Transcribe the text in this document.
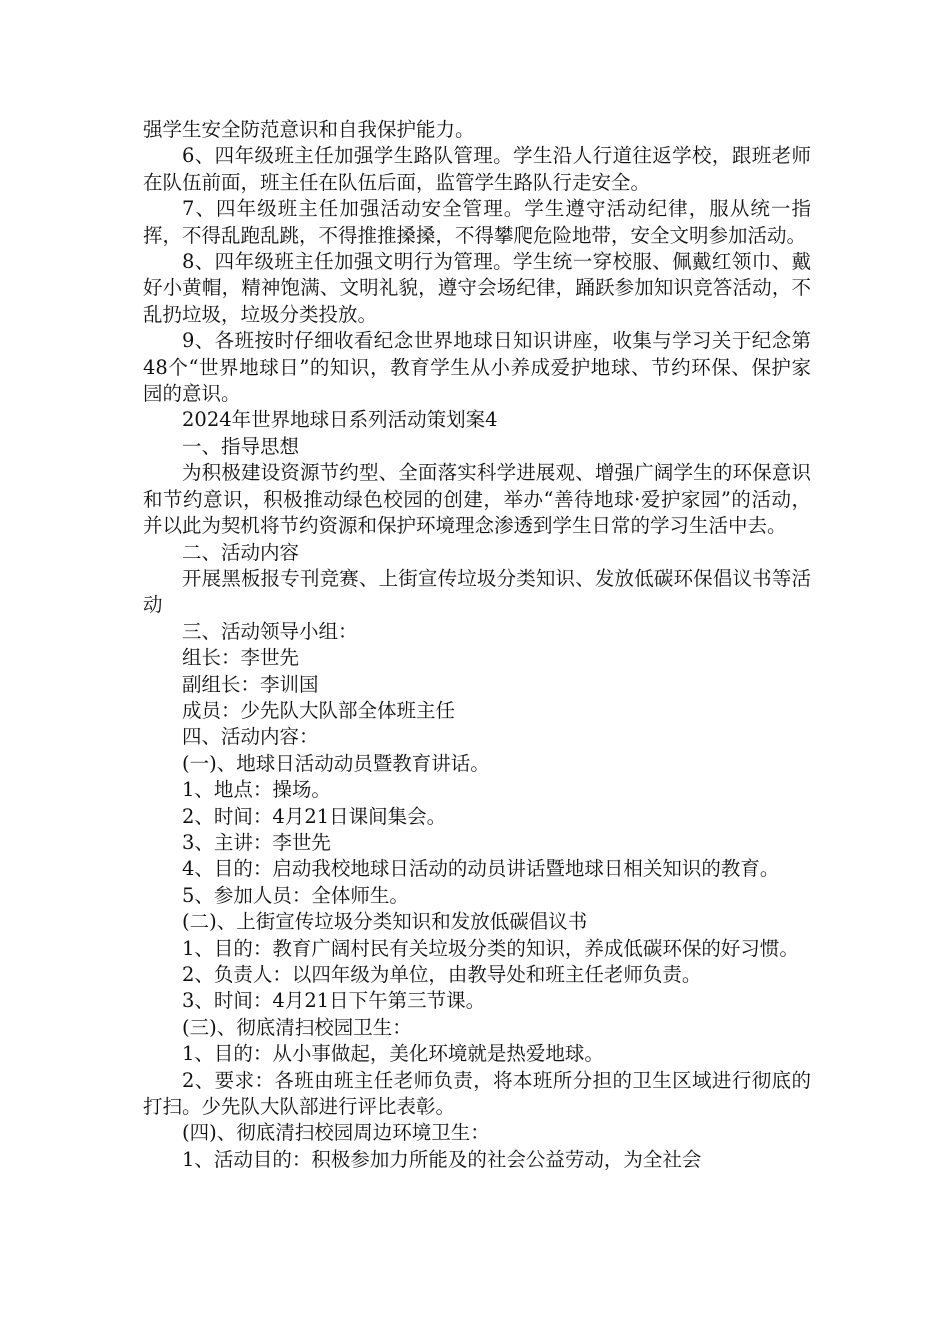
强学生安全防范意识和自我保护能力。

6、四年级班主任加强学生路队管理。学生沿人行道往返学校，跟班老师在队伍前面，班主任在队伍后面，监管学生路队行走安全。

7、四年级班主任加强活动安全管理。学生遵守活动纪律，服从统一指挥，不得乱跑乱跳，不得推推搡搡，不得攀爬危险地带，安全文明参加活动。

8、四年级班主任加强文明行为管理。学生统一穿校服、佩戴红领巾、戴好小黄帽，精神饱满、文明礼貌，遵守会场纪律，踊跃参加知识竞答活动，不乱扔垃圾，垃圾分类投放。

9、各班按时仔细收看纪念世界地球日知识讲座，收集与学习关于纪念第48个“世界地球日”的知识，教育学生从小养成爱护地球、节约环保、保护家园的意识。

2024年世界地球日系列活动策划案4

一、指导思想

为积极建设资源节约型、全面落实科学进展观、增强广阔学生的环保意识和节约意识，积极推动绿色校园的创建，举办“善待地球·爱护家园”的活动，并以此为契机将节约资源和保护环境理念渗透到学生日常的学习生活中去。

二、活动内容

开展黑板报专刊竞赛、上街宣传垃圾分类知识、发放低碳环保倡议书等活动

三、活动领导小组：

组长：李世先

副组长：李训国

成员：少先队大队部全体班主任

四、活动内容：

(一)、地球日活动动员暨教育讲话。

1、地点：操场。

2、时间：4月21日课间集会。

3、主讲：李世先

4、目的：启动我校地球日活动的动员讲话暨地球日相关知识的教育。

5、参加人员：全体师生。

(二)、上街宣传垃圾分类知识和发放低碳倡议书

1、目的：教育广阔村民有关垃圾分类的知识，养成低碳环保的好习惯。

2、负责人：以四年级为单位，由教导处和班主任老师负责。

3、时间：4月21日下午第三节课。

(三)、彻底清扫校园卫生：

1、目的：从小事做起，美化环境就是热爱地球。

2、要求：各班由班主任老师负责，将本班所分担的卫生区域进行彻底的打扫。少先队大队部进行评比表彰。

(四)、彻底清扫校园周边环境卫生：

1、活动目的：积极参加力所能及的社会公益劳动，为全社会
